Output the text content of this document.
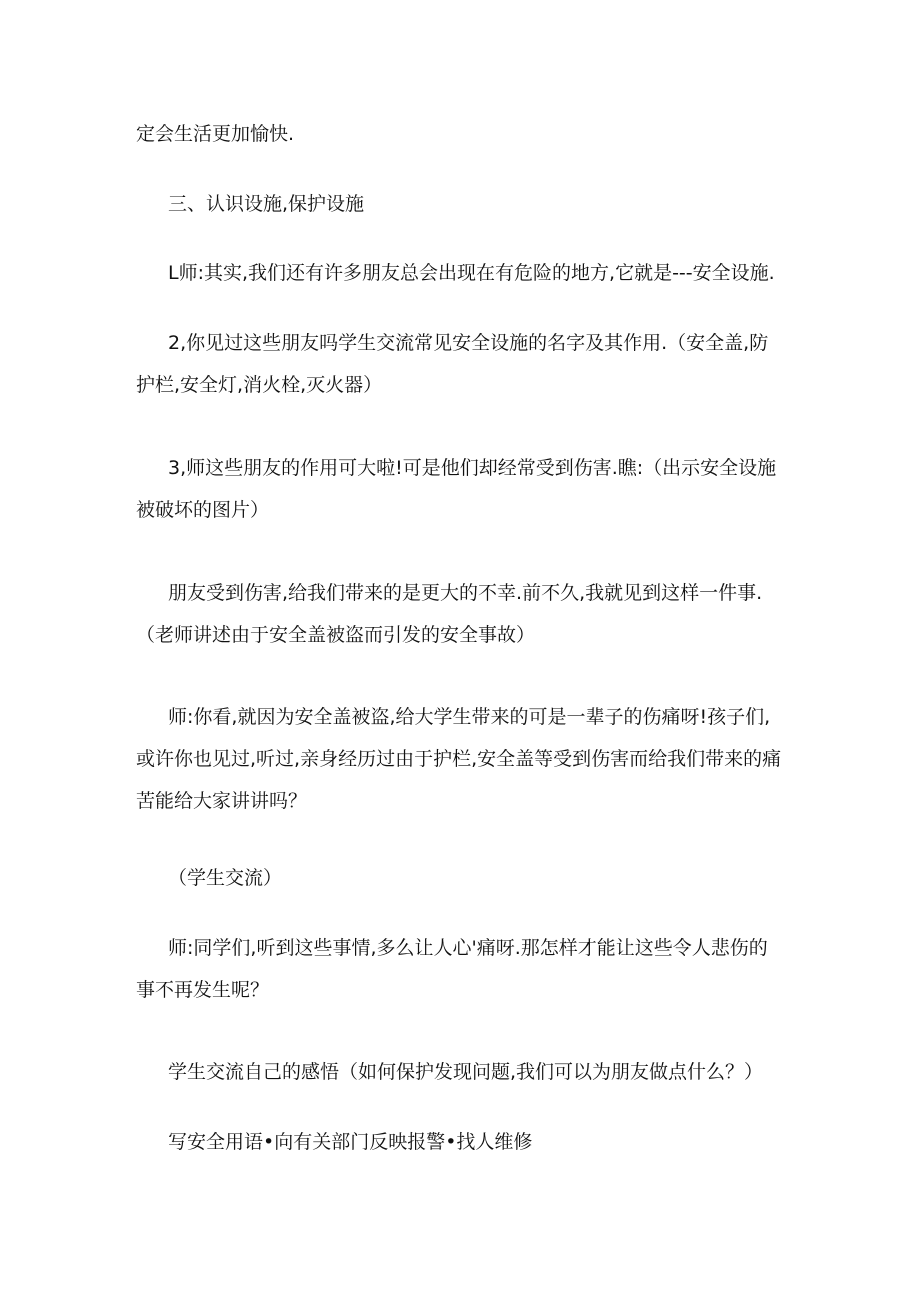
定会生活更加愉快.

三、认识设施,保护设施

L师:其实,我们还有许多朋友总会出现在有危险的地方,它就是---安全设施.

2,你见过这些朋友吗学生交流常见安全设施的名字及其作用.（安全盖,防护栏,安全灯,消火栓,灭火器）

3,师这些朋友的作用可大啦!可是他们却经常受到伤害.瞧:（出示安全设施被破坏的图片）

朋友受到伤害,给我们带来的是更大的不幸.前不久,我就见到这样一件事.（老师讲述由于安全盖被盗而引发的安全事故）

师:你看,就因为安全盖被盗,给大学生带来的可是一辈子的伤痛呀!孩子们,或许你也见过,听过,亲身经历过由于护栏,安全盖等受到伤害而给我们带来的痛苦能给大家讲讲吗？

（学生交流）

师:同学们,听到这些事情,多么让人心'痛呀.那怎样才能让这些令人悲伤的事不再发生呢？

学生交流自己的感悟（如何保护发现问题,我们可以为朋友做点什么？）

写安全用语•向有关部门反映报警•找人维修
